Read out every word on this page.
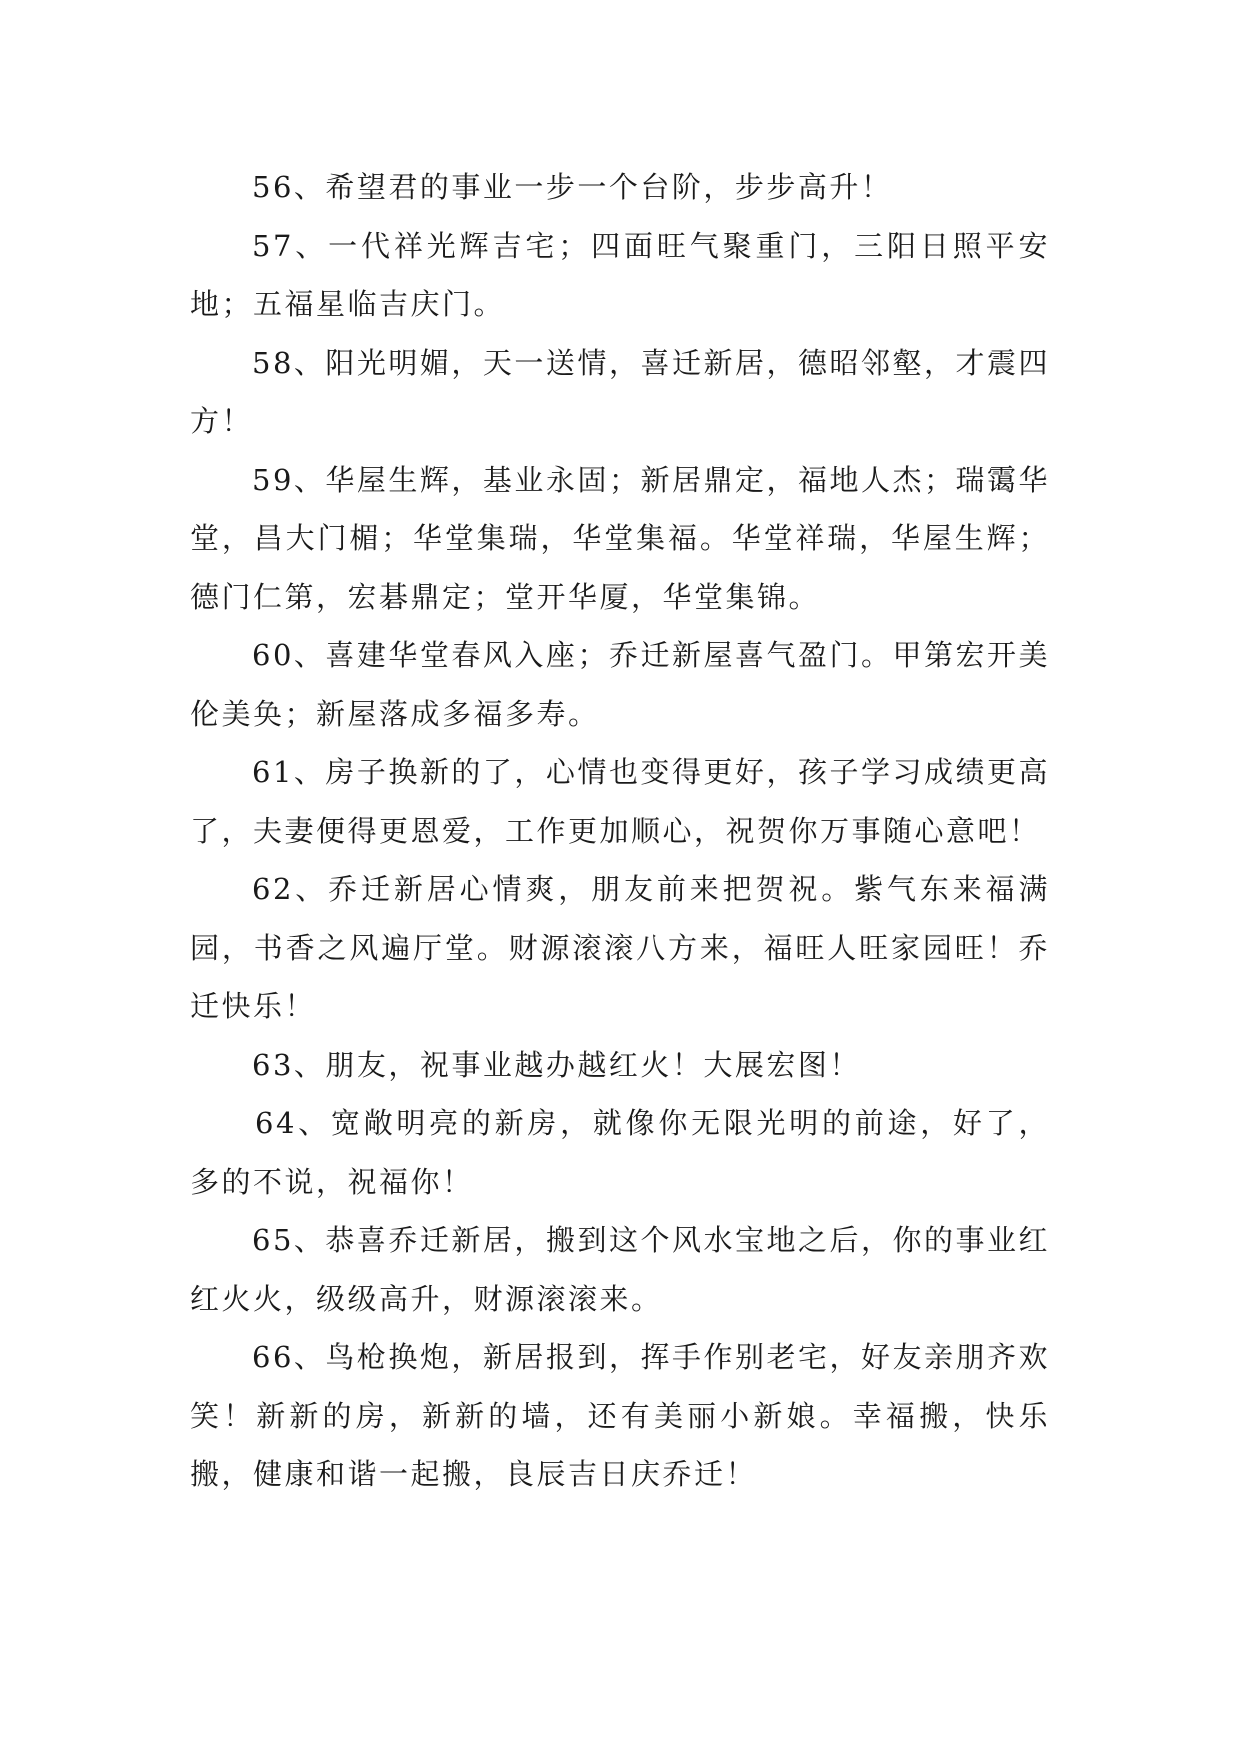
56、希望君的事业一步一个台阶，步步高升！

57、一代祥光辉吉宅；四面旺气聚重门，三阳日照平安地；五福星临吉庆门。

58、阳光明媚，天一送情，喜迁新居，德昭邻壑，才震四方！

59、华屋生辉，基业永固；新居鼎定，福地人杰；瑞霭华堂，昌大门楣；华堂集瑞，华堂集福。华堂祥瑞，华屋生辉；德门仁第，宏碁鼎定；堂开华厦，华堂集锦。

60、喜建华堂春风入座；乔迁新屋喜气盈门。甲第宏开美伦美奂；新屋落成多福多寿。

61、房子换新的了，心情也变得更好，孩子学习成绩更高了，夫妻便得更恩爱，工作更加顺心，祝贺你万事随心意吧！

62、乔迁新居心情爽，朋友前来把贺祝。紫气东来福满园，书香之风遍厅堂。财源滚滚八方来，福旺人旺家园旺！乔迁快乐！

63、朋友，祝事业越办越红火！大展宏图！

64、宽敞明亮的新房，就像你无限光明的前途，好了，多的不说，祝福你！

65、恭喜乔迁新居，搬到这个风水宝地之后，你的事业红红火火，级级高升，财源滚滚来。

66、鸟枪换炮，新居报到，挥手作别老宅，好友亲朋齐欢笑！新新的房，新新的墙，还有美丽小新娘。幸福搬，快乐搬，健康和谐一起搬，良辰吉日庆乔迁！
